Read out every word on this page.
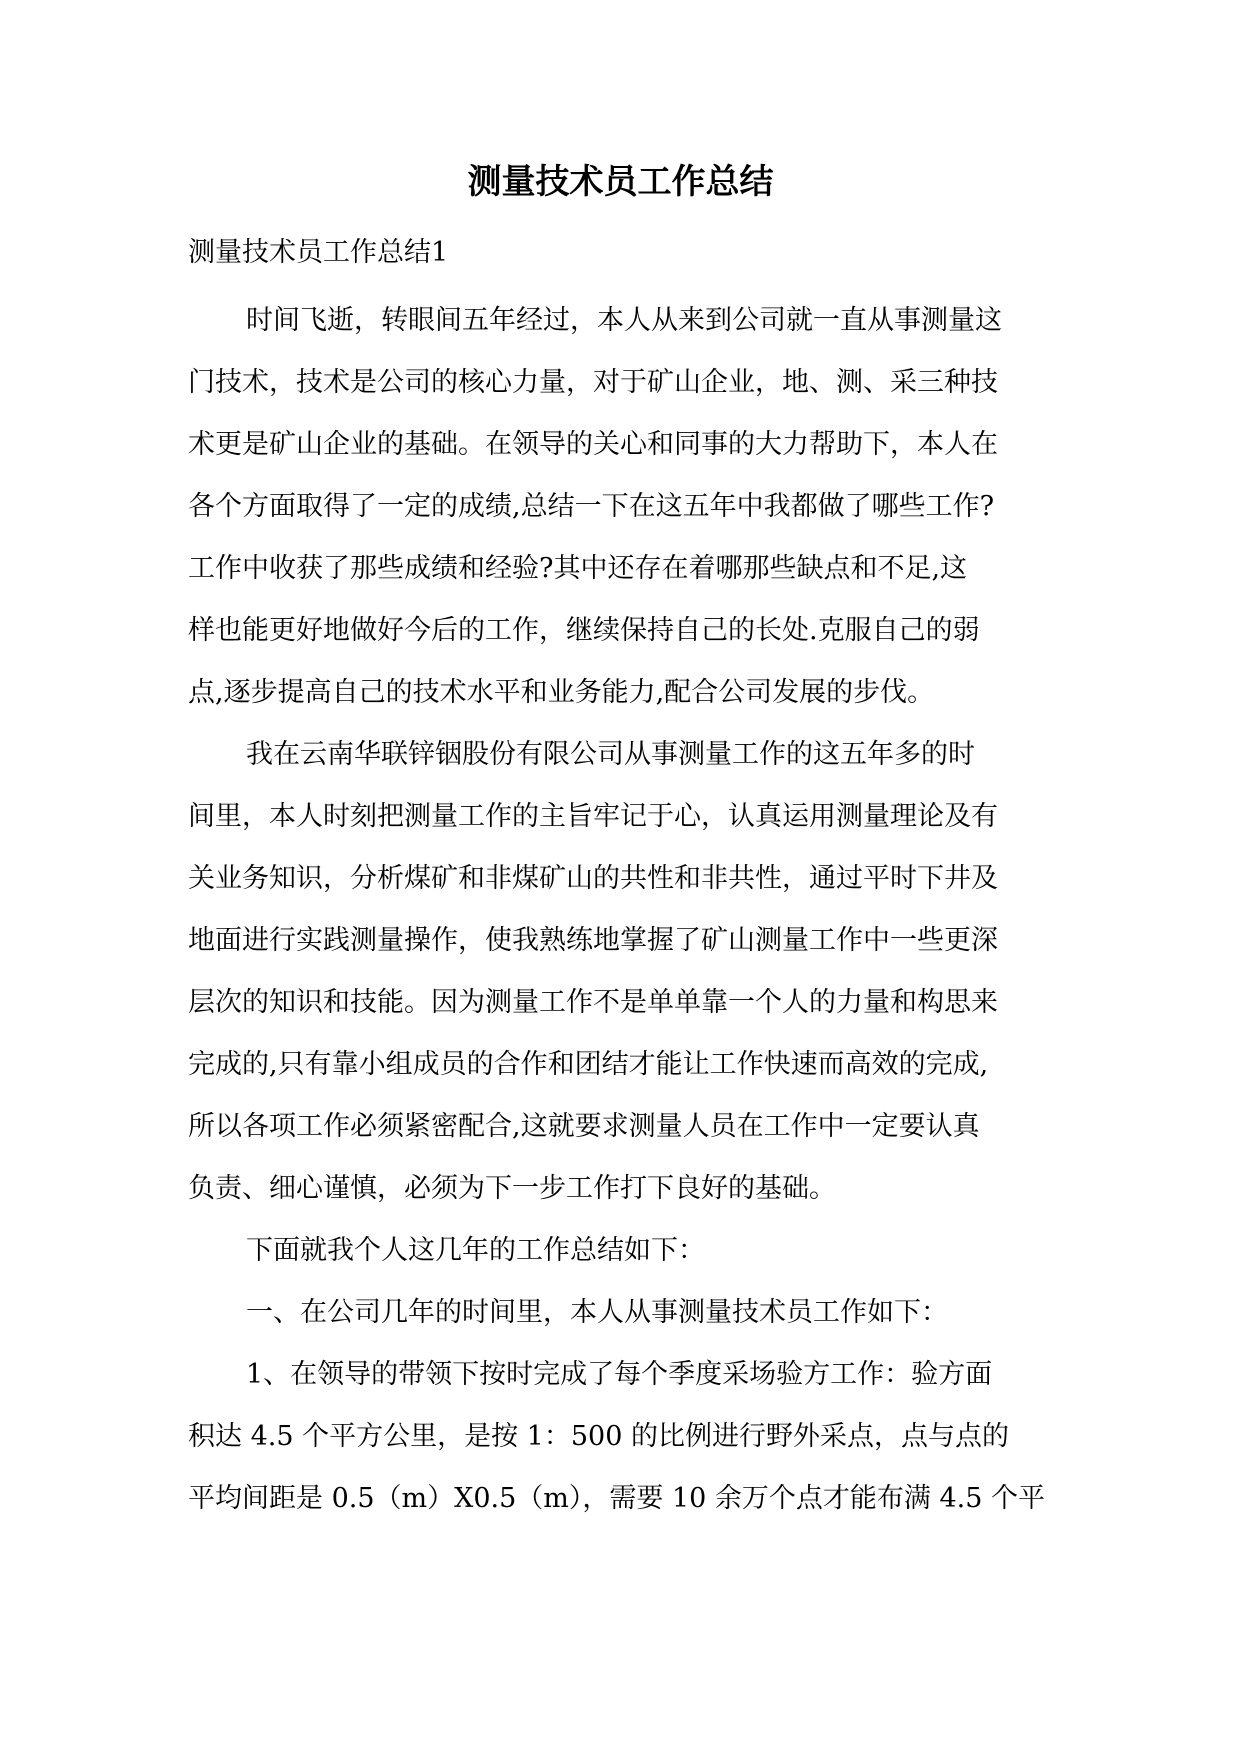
测量技术员工作总结
测量技术员工作总结1

时间飞逝，转眼间五年经过，本人从来到公司就一直从事测量这

门技术，技术是公司的核心力量，对于矿山企业，地、测、采三种技

术更是矿山企业的基础。在领导的关心和同事的大力帮助下，本人在

各个方面取得了一定的成绩,总结一下在这五年中我都做了哪些工作?

工作中收获了那些成绩和经验?其中还存在着哪那些缺点和不足,这

样也能更好地做好今后的工作，继续保持自己的长处.克服自己的弱

点,逐步提高自己的技术水平和业务能力,配合公司发展的步伐。

我在云南华联锌铟股份有限公司从事测量工作的这五年多的时

间里，本人时刻把测量工作的主旨牢记于心，认真运用测量理论及有

关业务知识，分析煤矿和非煤矿山的共性和非共性，通过平时下井及

地面进行实践测量操作，使我熟练地掌握了矿山测量工作中一些更深

层次的知识和技能。因为测量工作不是单单靠一个人的力量和构思来

完成的,只有靠小组成员的合作和团结才能让工作快速而高效的完成,

所以各项工作必须紧密配合,这就要求测量人员在工作中一定要认真

负责、细心谨慎，必须为下一步工作打下良好的基础。

下面就我个人这几年的工作总结如下：

一、在公司几年的时间里，本人从事测量技术员工作如下：

1、在领导的带领下按时完成了每个季度采场验方工作：验方面

积达 4.5 个平方公里，是按 1：500 的比例进行野外采点，点与点的

平均间距是 0.5（m）X0.5（m），需要 10 余万个点才能布满 4.5 个平
